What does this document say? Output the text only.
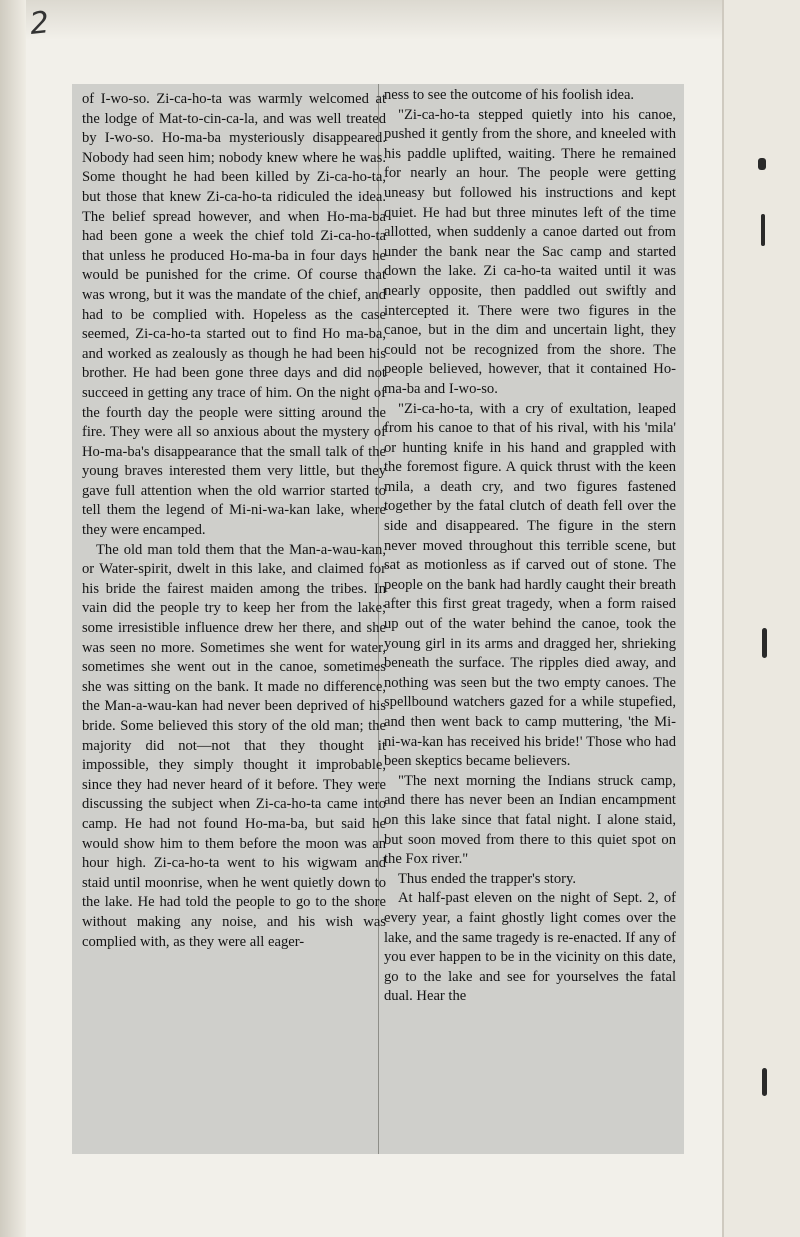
2

of I-wo-so. Zi-ca-ho-ta was warmly welcomed at the lodge of Mat-to-cin-ca-la, and was well treated by I-wo-so. Ho-ma-ba mysteriously disappeared. Nobody had seen him; nobody knew where he was. Some thought he had been killed by Zi-ca-ho-ta, but those that knew Zi-ca-ho-ta ridiculed the idea. The belief spread however, and when Ho-ma-ba had been gone a week the chief told Zi-ca-ho-ta that unless he produced Ho-ma-ba in four days he would be punished for the crime. Of course that was wrong, but it was the mandate of the chief, and had to be complied with. Hopeless as the case seemed, Zi-ca-ho-ta started out to find Ho ma-ba, and worked as zealously as though he had been his brother. He had been gone three days and did not succeed in getting any trace of him. On the night of the fourth day the people were sitting around the fire. They were all so anxious about the mystery of Ho-ma-ba's disappearance that the small talk of the young braves interested them very little, but they gave full attention when the old warrior started to tell them the legend of Mi-ni-wa-kan lake, where they were encamped.

The old man told them that the Man-a-wau-kan, or Water-spirit, dwelt in this lake, and claimed for his bride the fairest maiden among the tribes. In vain did the people try to keep her from the lake; some irresistible influence drew her there, and she was seen no more. Sometimes she went for water, sometimes she went out in the canoe, sometimes she was sitting on the bank. It made no difference, the Man-a-wau-kan had never been deprived of his bride. Some believed this story of the old man; the majority did not—not that they thought it impossible, they simply thought it improbable, since they had never heard of it before. They were discussing the subject when Zi-ca-ho-ta came into camp. He had not found Ho-ma-ba, but said he would show him to them before the moon was an hour high. Zi-ca-ho-ta went to his wigwam and staid until moonrise, when he went quietly down to the lake. He had told the people to go to the shore without making any noise, and his wish was complied with, as they were all eager-

ness to see the outcome of his foolish idea.

"Zi-ca-ho-ta stepped quietly into his canoe, pushed it gently from the shore, and kneeled with his paddle uplifted, waiting. There he remained for nearly an hour. The people were getting uneasy but followed his instructions and kept quiet. He had but three minutes left of the time allotted, when suddenly a canoe darted out from under the bank near the Sac camp and started down the lake. Zi ca-ho-ta waited until it was nearly opposite, then paddled out swiftly and intercepted it. There were two figures in the canoe, but in the dim and uncertain light, they could not be recognized from the shore. The people believed, however, that it contained Ho-ma-ba and I-wo-so.

"Zi-ca-ho-ta, with a cry of exultation, leaped from his canoe to that of his rival, with his 'mila' or hunting knife in his hand and grappled with the foremost figure. A quick thrust with the keen mila, a death cry, and two figures fastened together by the fatal clutch of death fell over the side and disappeared. The figure in the stern never moved throughout this terrible scene, but sat as motionless as if carved out of stone. The people on the bank had hardly caught their breath after this first great tragedy, when a form raised up out of the water behind the canoe, took the young girl in its arms and dragged her, shrieking beneath the surface. The ripples died away, and nothing was seen but the two empty canoes. The spellbound watchers gazed for a while stupefied, and then went back to camp muttering, 'the Mi-ni-wa-kan has received his bride!' Those who had been skeptics became believers.

"The next morning the Indians struck camp, and there has never been an Indian encampment on this lake since that fatal night. I alone staid, but soon moved from there to this quiet spot on the Fox river."

Thus ended the trapper's story.

At half-past eleven on the night of Sept. 2, of every year, a faint ghostly light comes over the lake, and the same tragedy is re-enacted. If any of you ever happen to be in the vicinity on this date, go to the lake and see for yourselves the fatal dual. Hear the
